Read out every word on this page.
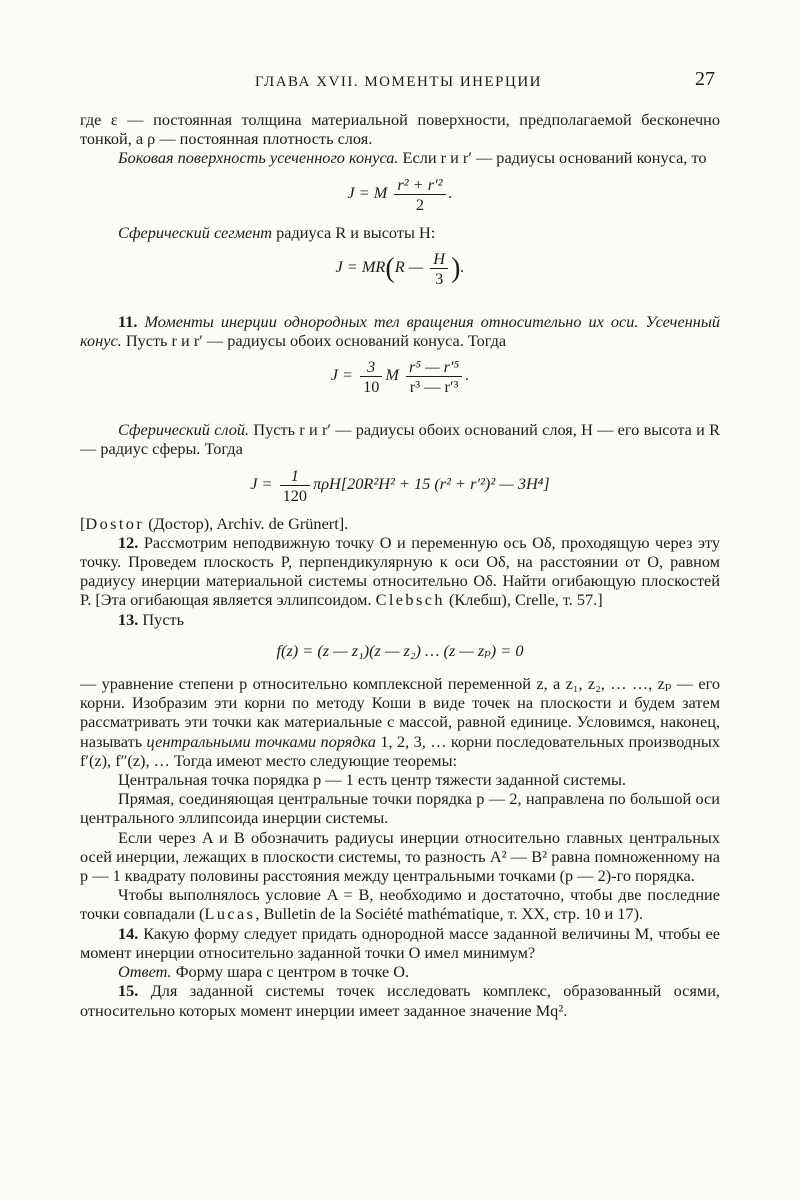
ГЛАВА XVII. МОМЕНТЫ ИНЕРЦИИ	27

где ε — постоянная толщина материальной поверхности, предполагаемой бесконечно тонкой, а ρ — постоянная плотность слоя.

Боковая поверхность усеченного конуса. Если r и r′ — радиусы оснований конуса, то

J = M $\frac{\text{r² + r′²}}{2}$ .

Сферический сегмент радиуса R и высоты H:

J = MR(R — $\frac{H}{3}$ ).

11. Моменты инерции однородных тел вращения относительно их оси. Усеченный конус. Пусть r и r′ — радиусы обоих оснований конуса. Тогда

$J = \frac{3}{10}$ M $\frac{\text{r⁵ — r′⁵}}{\text{r³ — r′³}}$ .

Сферический слой. Пусть r и r′ — радиусы обоих оснований слоя, H — его высота и R — радиус сферы. Тогда

$J = \frac{1}{120} \pi\rho H[20R^2H^2 + 15$ (r² + r′²)² — 3H⁴]

[Dostor (Достор), Archiv. de Grünert].

12. Рассмотрим неподвижную точку O и переменную ось Oδ, проходящую через эту точку. Проведем плоскость P, перпендикулярную к оси Oδ, на расстоянии от O, равном радиусу инерции материальной системы относительно Oδ. Найти огибающую плоскостей P. [Эта огибающая является эллипсоидом. Clebsch (Клебш), Crelle, т. 57.]

13. Пусть

f(z) = (z — z₁)(z — z₂) … (z — zₚ) = 0

— уравнение степени p относительно комплексной переменной z, а z₁, z₂, … …, zₚ — его корни. Изобразим эти корни по методу Коши в виде точек на плоскости и будем затем рассматривать эти точки как материальные с массой, равной единице. Условимся, наконец, называть центральными точками порядка 1, 2, 3, … корни последовательных производных f′(z), f″(z), … Тогда имеют место следующие теоремы:

Центральная точка порядка p — 1 есть центр тяжести заданной системы.

Прямая, соединяющая центральные точки порядка p — 2, направлена по большой оси центрального эллипсоида инерции системы.

Если через A и B обозначить радиусы инерции относительно главных центральных осей инерции, лежащих в плоскости системы, то разность A² — B² равна помноженному на p — 1 квадрату половины расстояния между центральными точками (p — 2)-го порядка.

Чтобы выполнялось условие A = B, необходимо и достаточно, чтобы две последние точки совпадали (Lucas, Bulletin de la Société mathématique, т. XX, стр. 10 и 17).

14. Какую форму следует придать однородной массе заданной величины M, чтобы ее момент инерции относительно заданной точки O имел минимум?

Ответ. Форму шара с центром в точке O.

15. Для заданной системы точек исследовать комплекс, образованный осями, относительно которых момент инерции имеет заданное значение Mq².
